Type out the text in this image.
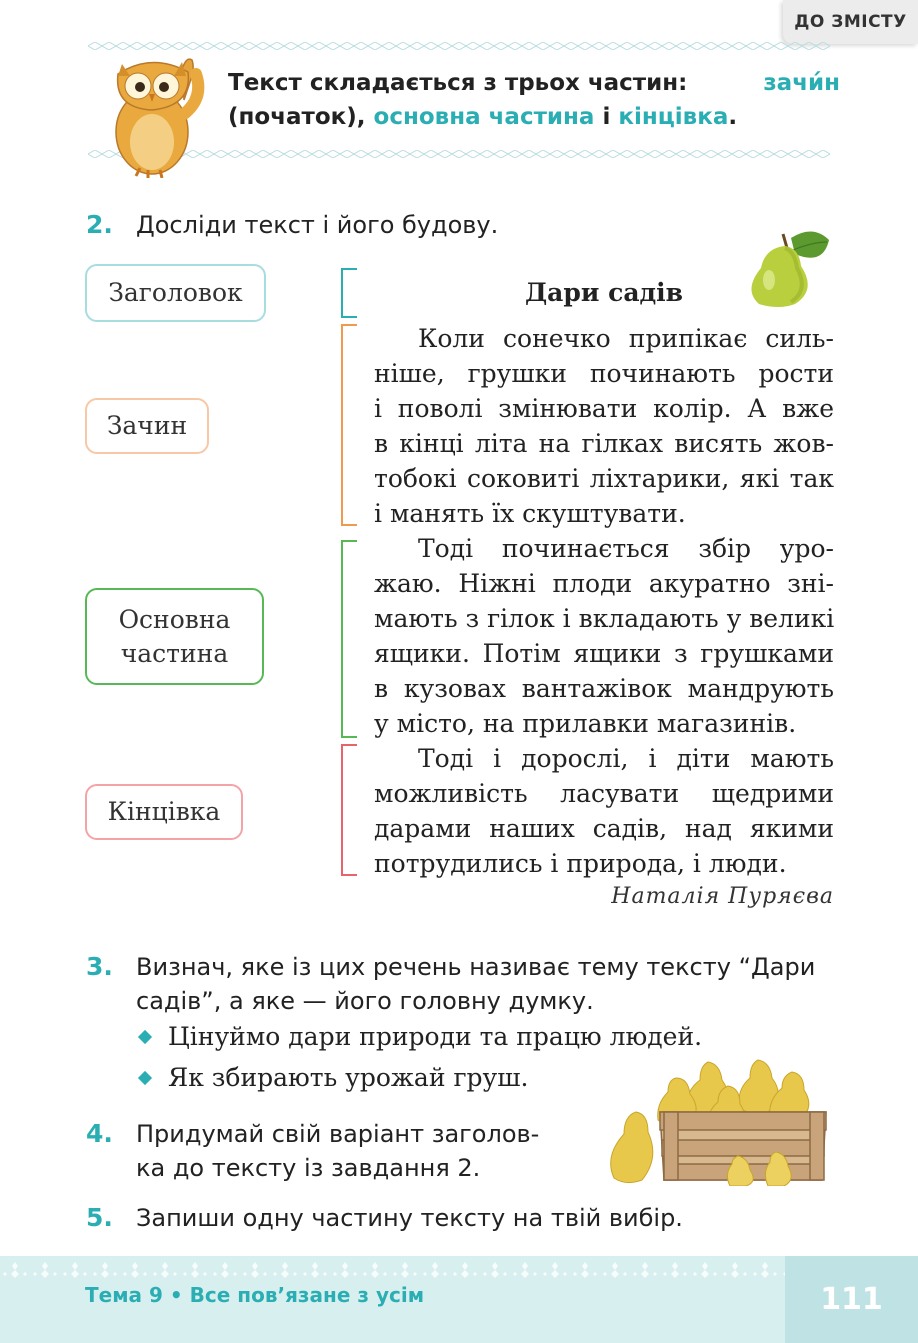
ДО ЗМІСТУ
Текст складається з трьох частин:	зачи́н
(початок), основна частина і кінцівка.
2. Досліди текст і його будову.
Заголовок
Зачин
Основна
частина
Кінцівка
Дари садів
Коли сонечко припікає силь-
ніше, грушки починають рости
і поволі змінювати колір. А вже
в кінці літа на гілках висять жов-
тобокі соковиті ліхтарики, які так
і манять їх скуштувати.
Тоді починається збір уро-
жаю. Ніжні плоди акуратно зні-
мають з гілок і вкладають у великі
ящики. Потім ящики з грушками
в кузовах вантажівок мандрують
у місто, на прилавки магазинів.
Тоді і дорослі, і діти мають
можливість ласувати щедрими
дарами наших садів, над якими
потрудились і природа, і люди.
Наталія Пуряєва
3. Визнач, яке із цих речень називає тему тексту “Дари
садів”, а яке — його головну думку.
Цінуймо дари природи та працю людей.
Як збирають урожай груш.
4. Придумай свій варіант заголов-
ка до тексту із завдання 2.
5. Запиши одну частину тексту на твій вибір.
111
Тема 9 • Все пов’язане з усім
